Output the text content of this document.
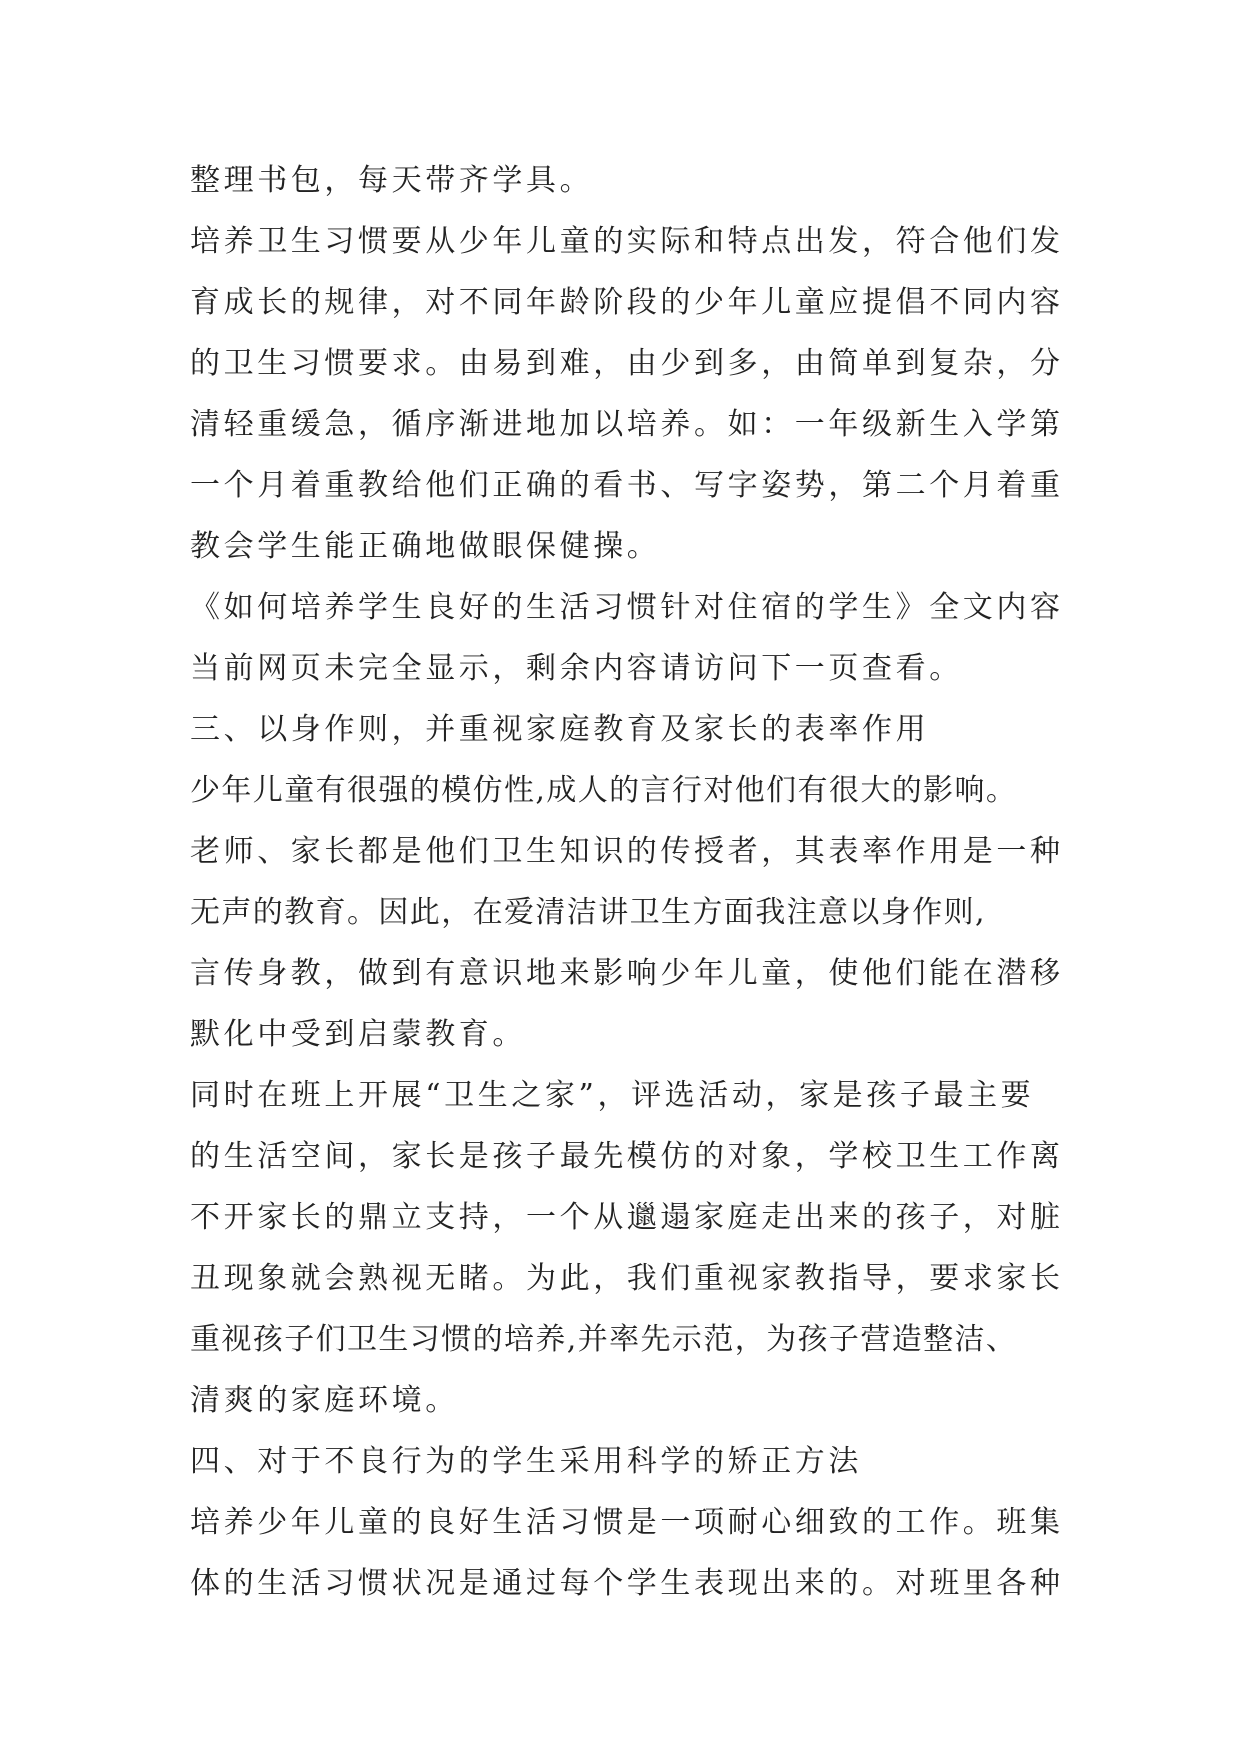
整理书包，每天带齐学具。
培养卫生习惯要从少年儿童的实际和特点出发，符合他们发
育成长的规律，对不同年龄阶段的少年儿童应提倡不同内容
的卫生习惯要求。由易到难，由少到多，由简单到复杂，分
清轻重缓急，循序渐进地加以培养。如：一年级新生入学第
一个月着重教给他们正确的看书、写字姿势，第二个月着重
教会学生能正确地做眼保健操。
《如何培养学生良好的生活习惯针对住宿的学生》全文内容
当前网页未完全显示，剩余内容请访问下一页查看。
三、以身作则，并重视家庭教育及家长的表率作用
少年儿童有很强的模仿性,成人的言行对他们有很大的影响。
老师、家长都是他们卫生知识的传授者，其表率作用是一种
无声的教育。因此，在爱清洁讲卫生方面我注意以身作则,
言传身教，做到有意识地来影响少年儿童，使他们能在潜移
默化中受到启蒙教育。
同时在班上开展“卫生之家”，评选活动，家是孩子最主要
的生活空间，家长是孩子最先模仿的对象，学校卫生工作离
不开家长的鼎立支持，一个从邋遢家庭走出来的孩子，对脏
丑现象就会熟视无睹。为此，我们重视家教指导，要求家长
重视孩子们卫生习惯的培养,并率先示范，为孩子营造整洁、
清爽的家庭环境。
四、对于不良行为的学生采用科学的矫正方法
培养少年儿童的良好生活习惯是一项耐心细致的工作。班集
体的生活习惯状况是通过每个学生表现出来的。对班里各种
